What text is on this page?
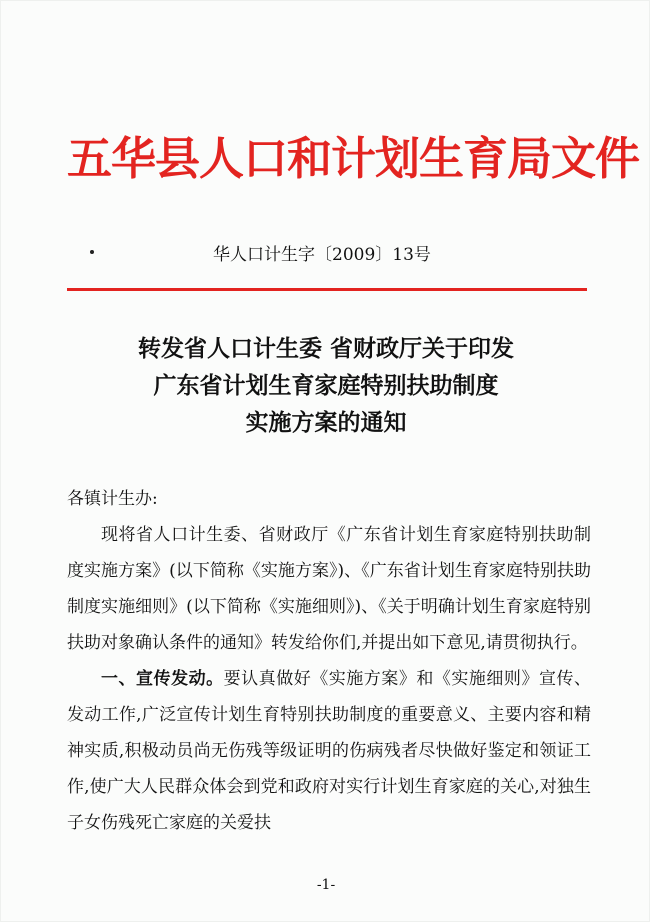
五华县人口和计划生育局文件
华人口计生字〔2009〕13号
转发省人口计生委 省财政厅关于印发
广东省计划生育家庭特别扶助制度
实施方案的通知
各镇计生办:
现将省人口计生委、省财政厅《广东省计划生育家庭特别扶助制度实施方案》(以下简称《实施方案》)、《广东省计划生育家庭特别扶助制度实施细则》(以下简称《实施细则》)、《关于明确计划生育家庭特别扶助对象确认条件的通知》转发给你们,并提出如下意见,请贯彻执行。
一、宣传发动。要认真做好《实施方案》和《实施细则》宣传、发动工作,广泛宣传计划生育特别扶助制度的重要意义、主要内容和精神实质,积极动员尚无伤残等级证明的伤病残者尽快做好鉴定和领证工作,使广大人民群众体会到党和政府对实行计划生育家庭的关心,对独生子女伤残死亡家庭的关爱扶
-1-
